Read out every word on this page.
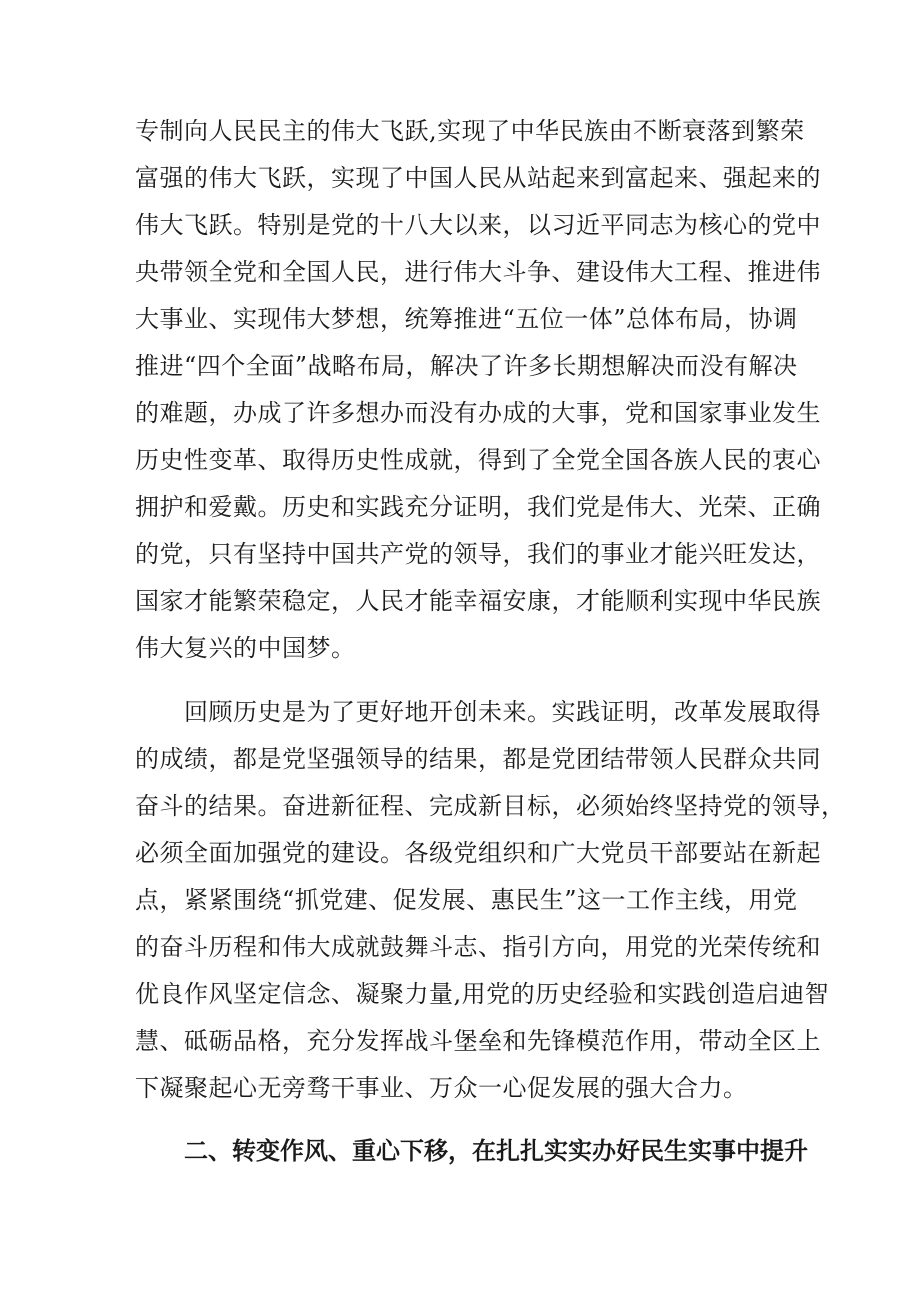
专制向人民民主的伟大飞跃,实现了中华民族由不断衰落到繁荣
富强的伟大飞跃，实现了中国人民从站起来到富起来、强起来的
伟大飞跃。特别是党的十八大以来，以习近平同志为核心的党中
央带领全党和全国人民，进行伟大斗争、建设伟大工程、推进伟
大事业、实现伟大梦想，统筹推进“五位一体”总体布局，协调
推进“四个全面”战略布局，解决了许多长期想解决而没有解决
的难题，办成了许多想办而没有办成的大事，党和国家事业发生
历史性变革、取得历史性成就，得到了全党全国各族人民的衷心
拥护和爱戴。历史和实践充分证明，我们党是伟大、光荣、正确
的党，只有坚持中国共产党的领导，我们的事业才能兴旺发达，
国家才能繁荣稳定，人民才能幸福安康，才能顺利实现中华民族
伟大复兴的中国梦。
回顾历史是为了更好地开创未来。实践证明，改革发展取得
的成绩，都是党坚强领导的结果，都是党团结带领人民群众共同
奋斗的结果。奋进新征程、完成新目标，必须始终坚持党的领导，
必须全面加强党的建设。各级党组织和广大党员干部要站在新起
点，紧紧围绕“抓党建、促发展、惠民生”这一工作主线，用党
的奋斗历程和伟大成就鼓舞斗志、指引方向，用党的光荣传统和
优良作风坚定信念、凝聚力量,用党的历史经验和实践创造启迪智
慧、砥砺品格，充分发挥战斗堡垒和先锋模范作用，带动全区上
下凝聚起心无旁骛干事业、万众一心促发展的强大合力。
二、转变作风、重心下移，在扎扎实实办好民生实事中提升
